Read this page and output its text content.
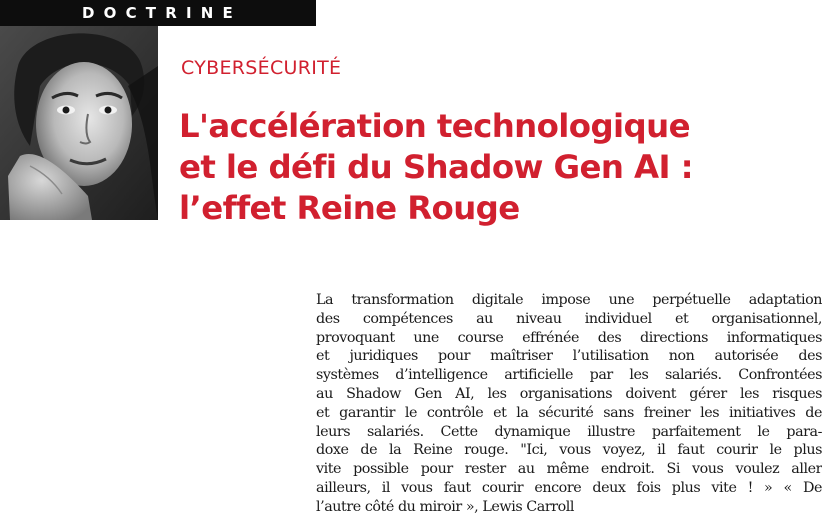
DOCTRINE
CYBERSÉCURITÉ
L'accélération technologique
et le défi du Shadow Gen AI :
l’effet Reine Rouge

La transformation digitale impose une perpétuelle adaptation
des compétences au niveau individuel et organisationnel,
provoquant une course effrénée des directions informatiques
et juridiques pour maîtriser l’utilisation non autorisée des
systèmes d’intelligence artificielle par les salariés. Confrontées
au Shadow Gen AI, les organisations doivent gérer les risques
et garantir le contrôle et la sécurité sans freiner les initiatives de
leurs salariés. Cette dynamique illustre parfaitement le para-
doxe de la Reine rouge. "Ici, vous voyez, il faut courir le plus
vite possible pour rester au même endroit. Si vous voulez aller
ailleurs, il vous faut courir encore deux fois plus vite ! » « De
l’autre côté du miroir », Lewis Carroll
